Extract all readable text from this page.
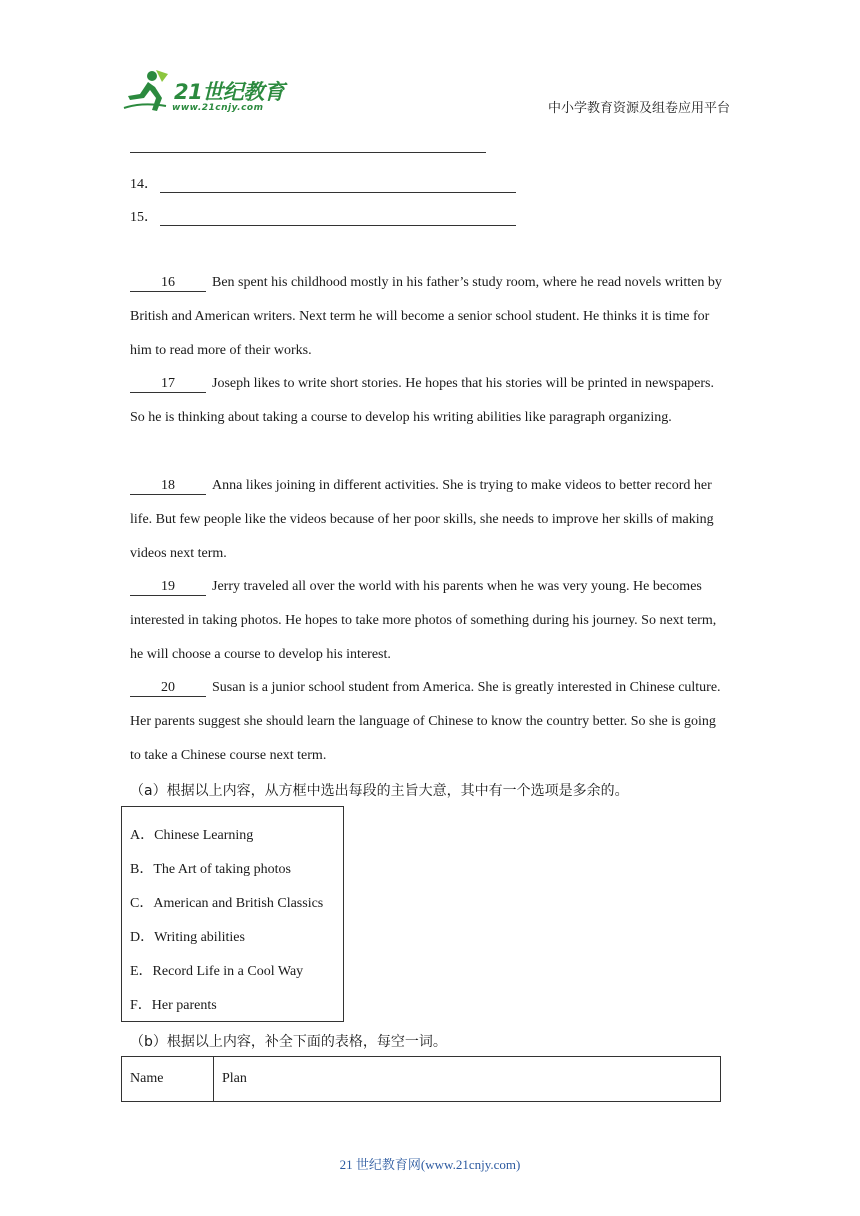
21世纪教育
www.21cnjy.com	中小学教育资源及组卷应用平台
14．
15．
16	Ben spent his childhood mostly in his father’s study room, where he read novels written by British and American writers. Next term he will become a senior school student. He thinks it is time for him to read more of their works.
17	Joseph likes to write short stories. He hopes that his stories will be printed in newspapers. So he is thinking about taking a course to develop his writing abilities like paragraph organizing.
18	Anna likes joining in different activities. She is trying to make videos to better record her life. But few people like the videos because of her poor skills, she needs to improve her skills of making videos next term.
19	Jerry traveled all over the world with his parents when he was very young. He becomes interested in taking photos. He hopes to take more photos of something during his journey. So next term, he will choose a course to develop his interest.
20	Susan is a junior school student from America. She is greatly interested in Chinese culture. Her parents suggest she should learn the language of Chinese to know the country better. So she is going to take a Chinese course next term.
（a）根据以上内容，从方框中选出每段的主旨大意，其中有一个选项是多余的。
A．Chinese Learning
B．The Art of taking photos
C．American and British Classics
D．Writing abilities
E．Record Life in a Cool Way
F．Her parents
（b）根据以上内容，补全下面的表格，每空一词。
Name	Plan
21 世纪教育网(www.21cnjy.com)
